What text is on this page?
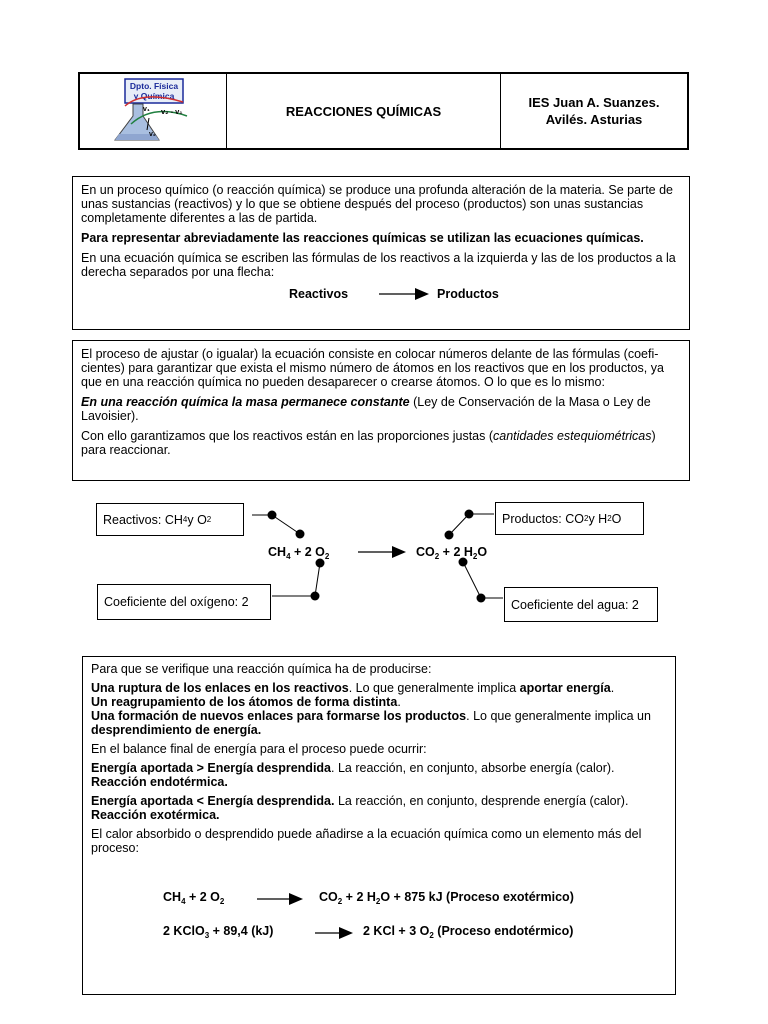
Dpto. Física
y Química
v₂ - v₁
v₁
v₂
REACCIONES QUÍMICAS
IES Juan A. Suanzes.
Avilés. Asturias

En un proceso químico (o reacción química) se produce una profunda alteración de la materia. Se parte de unas sustancias (reactivos) y lo que se obtiene después del proceso (productos) son unas sustancias completamente diferentes a las de partida.

Para representar abreviadamente las reacciones químicas se utilizan las ecuaciones químicas.

En una ecuación química se escriben las fórmulas de los reactivos a la izquierda y las de los productos a la derecha separados por una flecha:

Reactivos	Productos

El proceso de ajustar (o igualar) la ecuación consiste en colocar números delante de las fórmulas (coefi-cientes) para garantizar que exista el mismo número de átomos en los reactivos que en los productos, ya que en una reacción química no pueden desaparecer o crearse átomos. O lo que es lo mismo:

En una reacción química la masa permanece constante (Ley de Conservación de la Masa o Ley de Lavoisier).

Con ello garantizamos que los reactivos están en las proporciones justas (cantidades estequiométricas) para reaccionar.

Reactivos: CH 4 y O 2	Productos: CO 2 y H 2 O
Coeficiente del oxígeno: 2	Coeficiente del agua: 2
$CH_4 + 2$ $O_2$	$CO_2 + 2$ $H_2O$

Para que se verifique una reacción química ha de producirse:

Una ruptura de los enlaces en los reactivos. Lo que generalmente implica aportar energía.

Un reagrupamiento de los átomos de forma distinta.

Una formación de nuevos enlaces para formarse los productos. Lo que generalmente implica un desprendimiento de energía.

En el balance final de energía para el proceso puede ocurrir:

Energía aportada > Energía desprendida. La reacción, en conjunto, absorbe energía (calor).
Reacción endotérmica.

Energía aportada < Energía desprendida. La reacción, en conjunto, desprende energía (calor).
Reacción exotérmica.

El calor absorbido o desprendido puede añadirse a la ecuación química como un elemento más del proceso:

$CH_4 + 2$ $O_2$	$CO_2 + 2$ $H_2O + 875$ kJ (Proceso exotérmico)
2 KClO$_3$ + 89,4 (kJ)	2 KCl + 3 $O_2$ (Proceso endotérmico)
